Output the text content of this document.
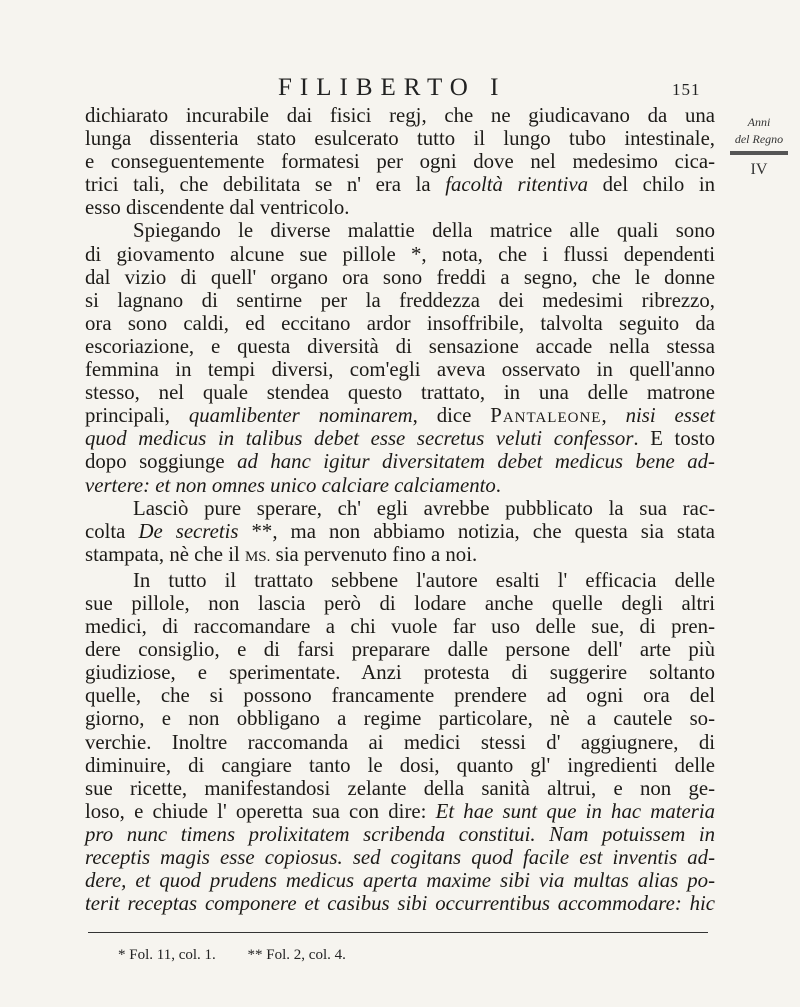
FILIBERTO I	151
Anni
del Regno
IV
dichiarato incurabile dai fisici regj, che ne giudicavano da una
lunga dissenteria stato esulcerato tutto il lungo tubo intestinale,
e conseguentemente formatesi per ogni dove nel medesimo cica-
trici tali, che debilitata se n' era la facoltà ritentiva del chilo in
esso discendente dal ventricolo.
Spiegando le diverse malattie della matrice alle quali sono
di giovamento alcune sue pillole *, nota, che i flussi dependenti
dal vizio di quell' organo ora sono freddi a segno, che le donne
si lagnano di sentirne per la freddezza dei medesimi ribrezzo,
ora sono caldi, ed eccitano ardor insoffribile, talvolta seguito da
escoriazione, e questa diversità di sensazione accade nella stessa
femmina in tempi diversi, com'egli aveva osservato in quell'anno
stesso, nel quale stendea questo trattato, in una delle matrone
principali, quamlibenter nominarem, dice Pantaleone, nisi esset
quod medicus in talibus debet esse secretus veluti confessor. E tosto
dopo soggiunge ad hanc igitur diversitatem debet medicus bene ad-
vertere: et non omnes unico calciare calciamento.
Lasciò pure sperare, ch' egli avrebbe pubblicato la sua rac-
colta De secretis **, ma non abbiamo notizia, che questa sia stata
stampata, nè che il MS. sia pervenuto fino a noi.
In tutto il trattato sebbene l'autore esalti l' efficacia delle
sue pillole, non lascia però di lodare anche quelle degli altri
medici, di raccomandare a chi vuole far uso delle sue, di pren-
dere consiglio, e di farsi preparare dalle persone dell' arte più
giudiziose, e sperimentate. Anzi protesta di suggerire soltanto
quelle, che si possono francamente prendere ad ogni ora del
giorno, e non obbligano a regime particolare, nè a cautele so-
verchie. Inoltre raccomanda ai medici stessi d' aggiugnere, di
diminuire, di cangiare tanto le dosi, quanto gl' ingredienti delle
sue ricette, manifestandosi zelante della sanità altrui, e non ge-
loso, e chiude l' operetta sua con dire: Et hae sunt que in hac materia
pro nunc timens prolixitatem scribenda constitui. Nam potuissem in
receptis magis esse copiosus. sed cogitans quod facile est inventis ad-
dere, et quod prudens medicus aperta maxime sibi via multas alias po-
terit receptas componere et casibus sibi occurrentibus accommodare: hic
* Fol. 11, col. 1. ** Fol. 2, col. 4.
